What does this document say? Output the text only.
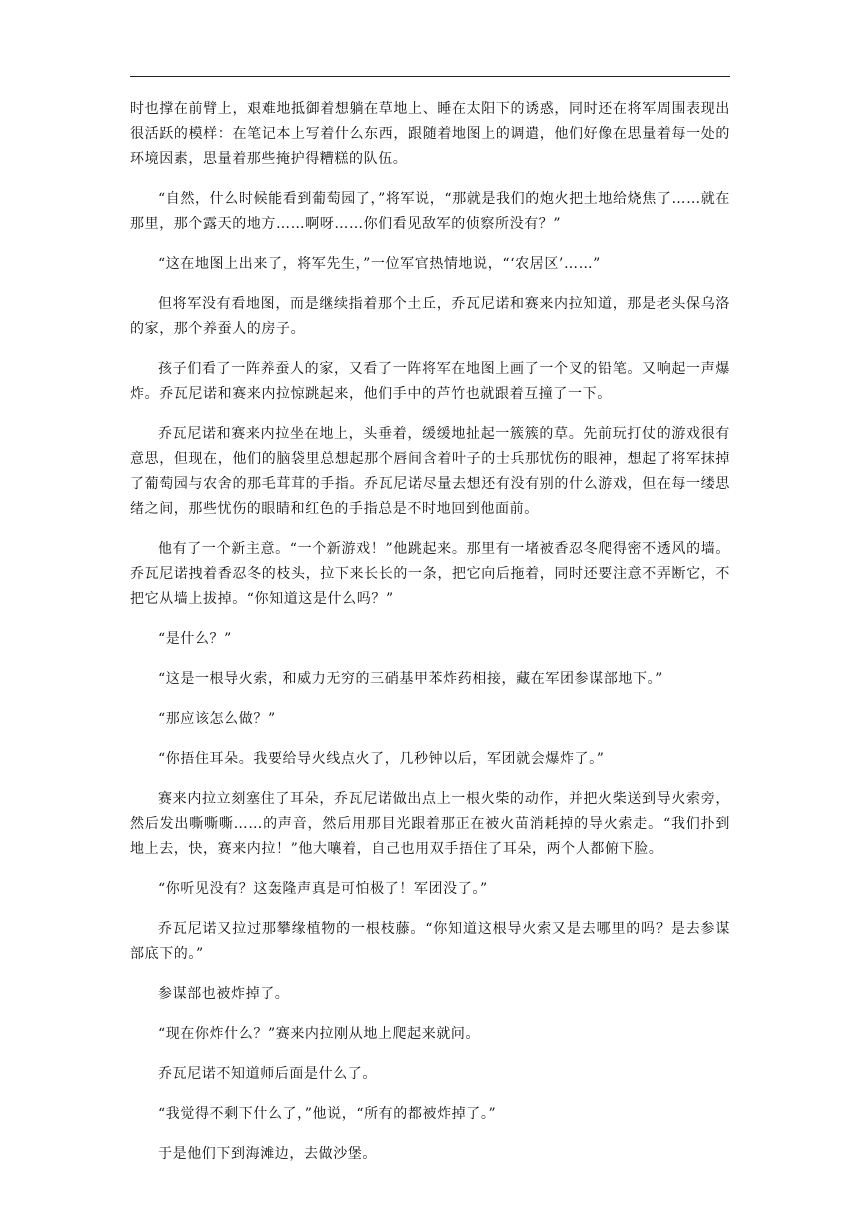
时也撑在前臂上，艰难地抵御着想躺在草地上、睡在太阳下的诱惑，同时还在将军周围表现出很活跃的模样：在笔记本上写着什么东西，跟随着地图上的调遣，他们好像在思量着每一处的环境因素，思量着那些掩护得糟糕的队伍。

“自然，什么时候能看到葡萄园了，”将军说，“那就是我们的炮火把土地给烧焦了……就在那里，那个露天的地方……啊呀……你们看见敌军的侦察所没有？”

“这在地图上出来了，将军先生，”一位军官热情地说，“‘农居区’……”

但将军没有看地图，而是继续指着那个土丘，乔瓦尼诺和赛来内拉知道，那是老头保乌洛的家，那个养蚕人的房子。

孩子们看了一阵养蚕人的家，又看了一阵将军在地图上画了一个叉的铅笔。又响起一声爆炸。乔瓦尼诺和赛来内拉惊跳起来，他们手中的芦竹也就跟着互撞了一下。

乔瓦尼诺和赛来内拉坐在地上，头垂着，缓缓地扯起一簇簇的草。先前玩打仗的游戏很有意思，但现在，他们的脑袋里总想起那个唇间含着叶子的士兵那忧伤的眼神，想起了将军抹掉了葡萄园与农舍的那毛茸茸的手指。乔瓦尼诺尽量去想还有没有别的什么游戏，但在每一缕思绪之间，那些忧伤的眼睛和红色的手指总是不时地回到他面前。

他有了一个新主意。“一个新游戏！”他跳起来。那里有一堵被香忍冬爬得密不透风的墙。乔瓦尼诺拽着香忍冬的枝头，拉下来长长的一条，把它向后拖着，同时还要注意不弄断它，不把它从墙上拔掉。“你知道这是什么吗？”

“是什么？”

“这是一根导火索，和威力无穷的三硝基甲苯炸药相接，藏在军团参谋部地下。”

“那应该怎么做？”

“你捂住耳朵。我要给导火线点火了，几秒钟以后，军团就会爆炸了。”

赛来内拉立刻塞住了耳朵，乔瓦尼诺做出点上一根火柴的动作，并把火柴送到导火索旁，然后发出嘶嘶嘶……的声音，然后用那目光跟着那正在被火苗消耗掉的导火索走。“我们扑到地上去，快，赛来内拉！”他大嚷着，自己也用双手捂住了耳朵，两个人都俯下脸。

“你听见没有？这轰隆声真是可怕极了！军团没了。”

乔瓦尼诺又拉过那攀缘植物的一根枝藤。“你知道这根导火索又是去哪里的吗？是去参谋部底下的。”

参谋部也被炸掉了。

“现在你炸什么？”赛来内拉刚从地上爬起来就问。

乔瓦尼诺不知道师后面是什么了。

“我觉得不剩下什么了，”他说，“所有的都被炸掉了。”

于是他们下到海滩边，去做沙堡。
